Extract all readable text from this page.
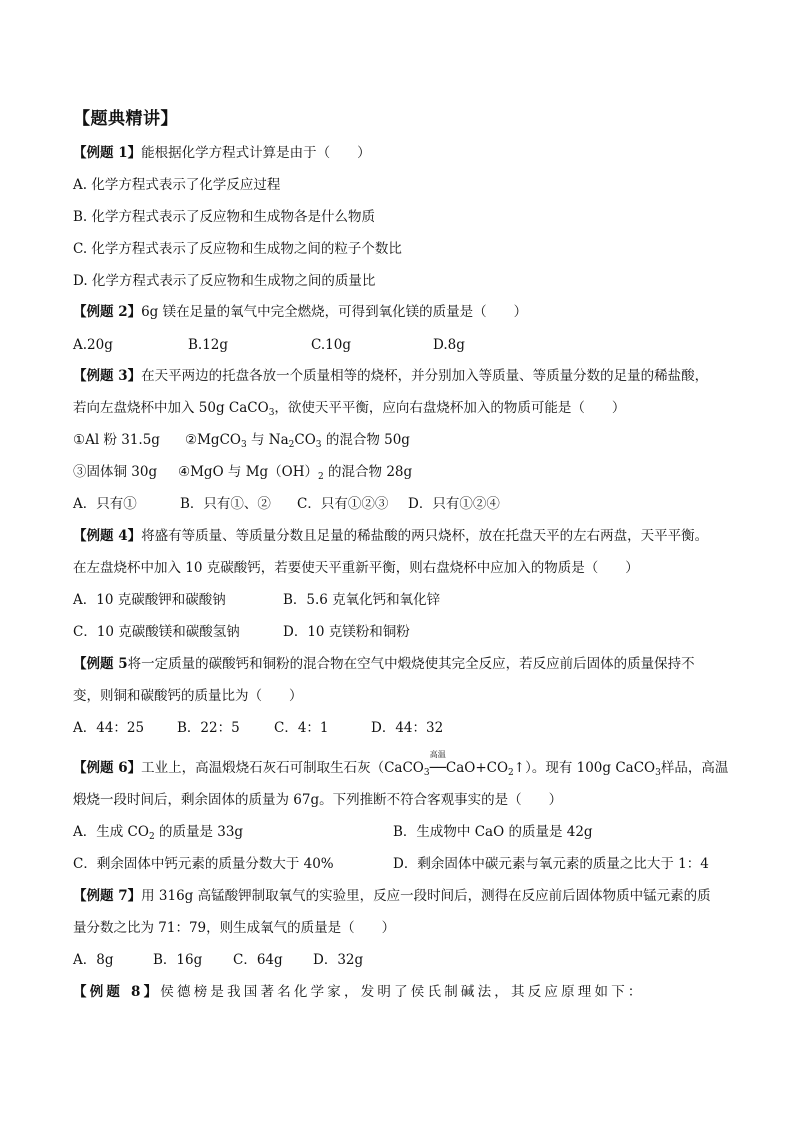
【题典精讲】
【例题 1】能根据化学方程式计算是由于（　　）
A. 化学方程式表示了化学反应过程
B. 化学方程式表示了反应物和生成物各是什么物质
C. 化学方程式表示了反应物和生成物之间的粒子个数比
D. 化学方程式表示了反应物和生成物之间的质量比
【例题 2】6g 镁在足量的氧气中完全燃烧，可得到氧化镁的质量是（　　）
A.20g	B.12g	C.10g	D.8g
【例题 3】在天平两边的托盘各放一个质量相等的烧杯，并分别加入等质量、等质量分数的足量的稀盐酸，
若向左盘烧杯中加入 50g CaCO$_3$，欲使天平平衡，应向右盘烧杯加入的物质可能是（　　）
①Al 粉 31.5g ②MgCO$_3$ 与 $Na_2CO_3$ 的混合物 50g
③固体铜 30g ④MgO 与 $Mg(OH)_2$ 的混合物 28g
A．只有①	B．只有①、② C．只有①②③ D．只有①②④
【例题 4】将盛有等质量、等质量分数且足量的稀盐酸的两只烧杯，放在托盘天平的左右两盘，天平平衡。
在左盘烧杯中加入 10 克碳酸钙，若要使天平重新平衡，则右盘烧杯中应加入的物质是（　　）
A．10 克碳酸钾和碳酸钠	B．5.6 克氧化钙和氧化锌
C．10 克碳酸镁和碳酸氢钠	D．10 克镁粉和铜粉
【例题 5将一定质量的碳酸钙和铜粉的混合物在空气中煅烧使其完全反应，若反应前后固体的质量保持不
变，则铜和碳酸钙的质量比为（　　）
A．44：25 B．22：5	C．4：1	D．44：32
【例题 6】工业上，高温煅烧石灰石可制取生石灰（CaCO$_3$
高温
$──CaO+CO_2↑$）。现有 100g CaCO$_3$样品，高温
煅烧一段时间后，剩余固体的质量为 67g。下列推断不符合客观事实的是（　　）
A．生成 $CO_2$ 的质量是 33g	B．生成物中 CaO 的质量是 42g
C．剩余固体中钙元素的质量分数大于 40%	D．剩余固体中碳元素与氧元素的质量之比大于 1：4
【例题 7】用 316g 高锰酸钾制取氧气的实验里，反应一段时间后，测得在反应前后固体物质中锰元素的质
量分数之比为 71：79，则生成氧气的质量是（　　）
A．8g	B．16g C．64g D．32g
【例题 8】侯德榜是我国著名化学家，发明了侯氏制碱法，其反应原理如下：
